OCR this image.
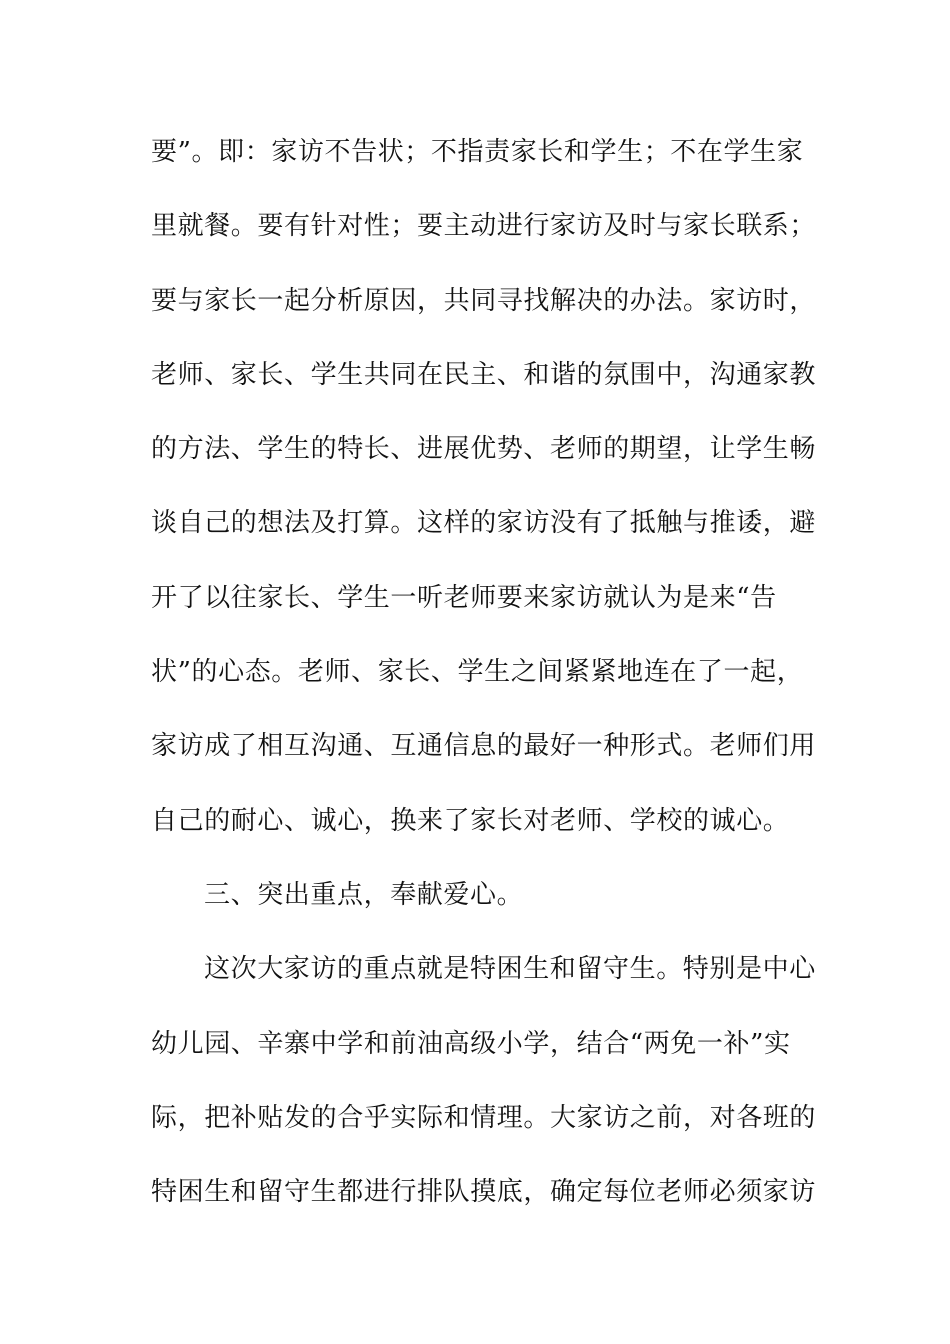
要”。即：家访不告状；不指责家长和学生；不在学生家
里就餐。要有针对性；要主动进行家访及时与家长联系；
要与家长一起分析原因，共同寻找解决的办法。家访时，
老师、家长、学生共同在民主、和谐的氛围中，沟通家教
的方法、学生的特长、进展优势、老师的期望，让学生畅
谈自己的想法及打算。这样的家访没有了抵触与推诿，避
开了以往家长、学生一听老师要来家访就认为是来“告
状”的心态。老师、家长、学生之间紧紧地连在了一起，
家访成了相互沟通、互通信息的最好一种形式。老师们用
自己的耐心、诚心，换来了家长对老师、学校的诚心。
三、突出重点，奉献爱心。
这次大家访的重点就是特困生和留守生。特别是中心
幼儿园、辛寨中学和前油高级小学，结合“两免一补”实
际，把补贴发的合乎实际和情理。大家访之前，对各班的
特困生和留守生都进行排队摸底，确定每位老师必须家访
